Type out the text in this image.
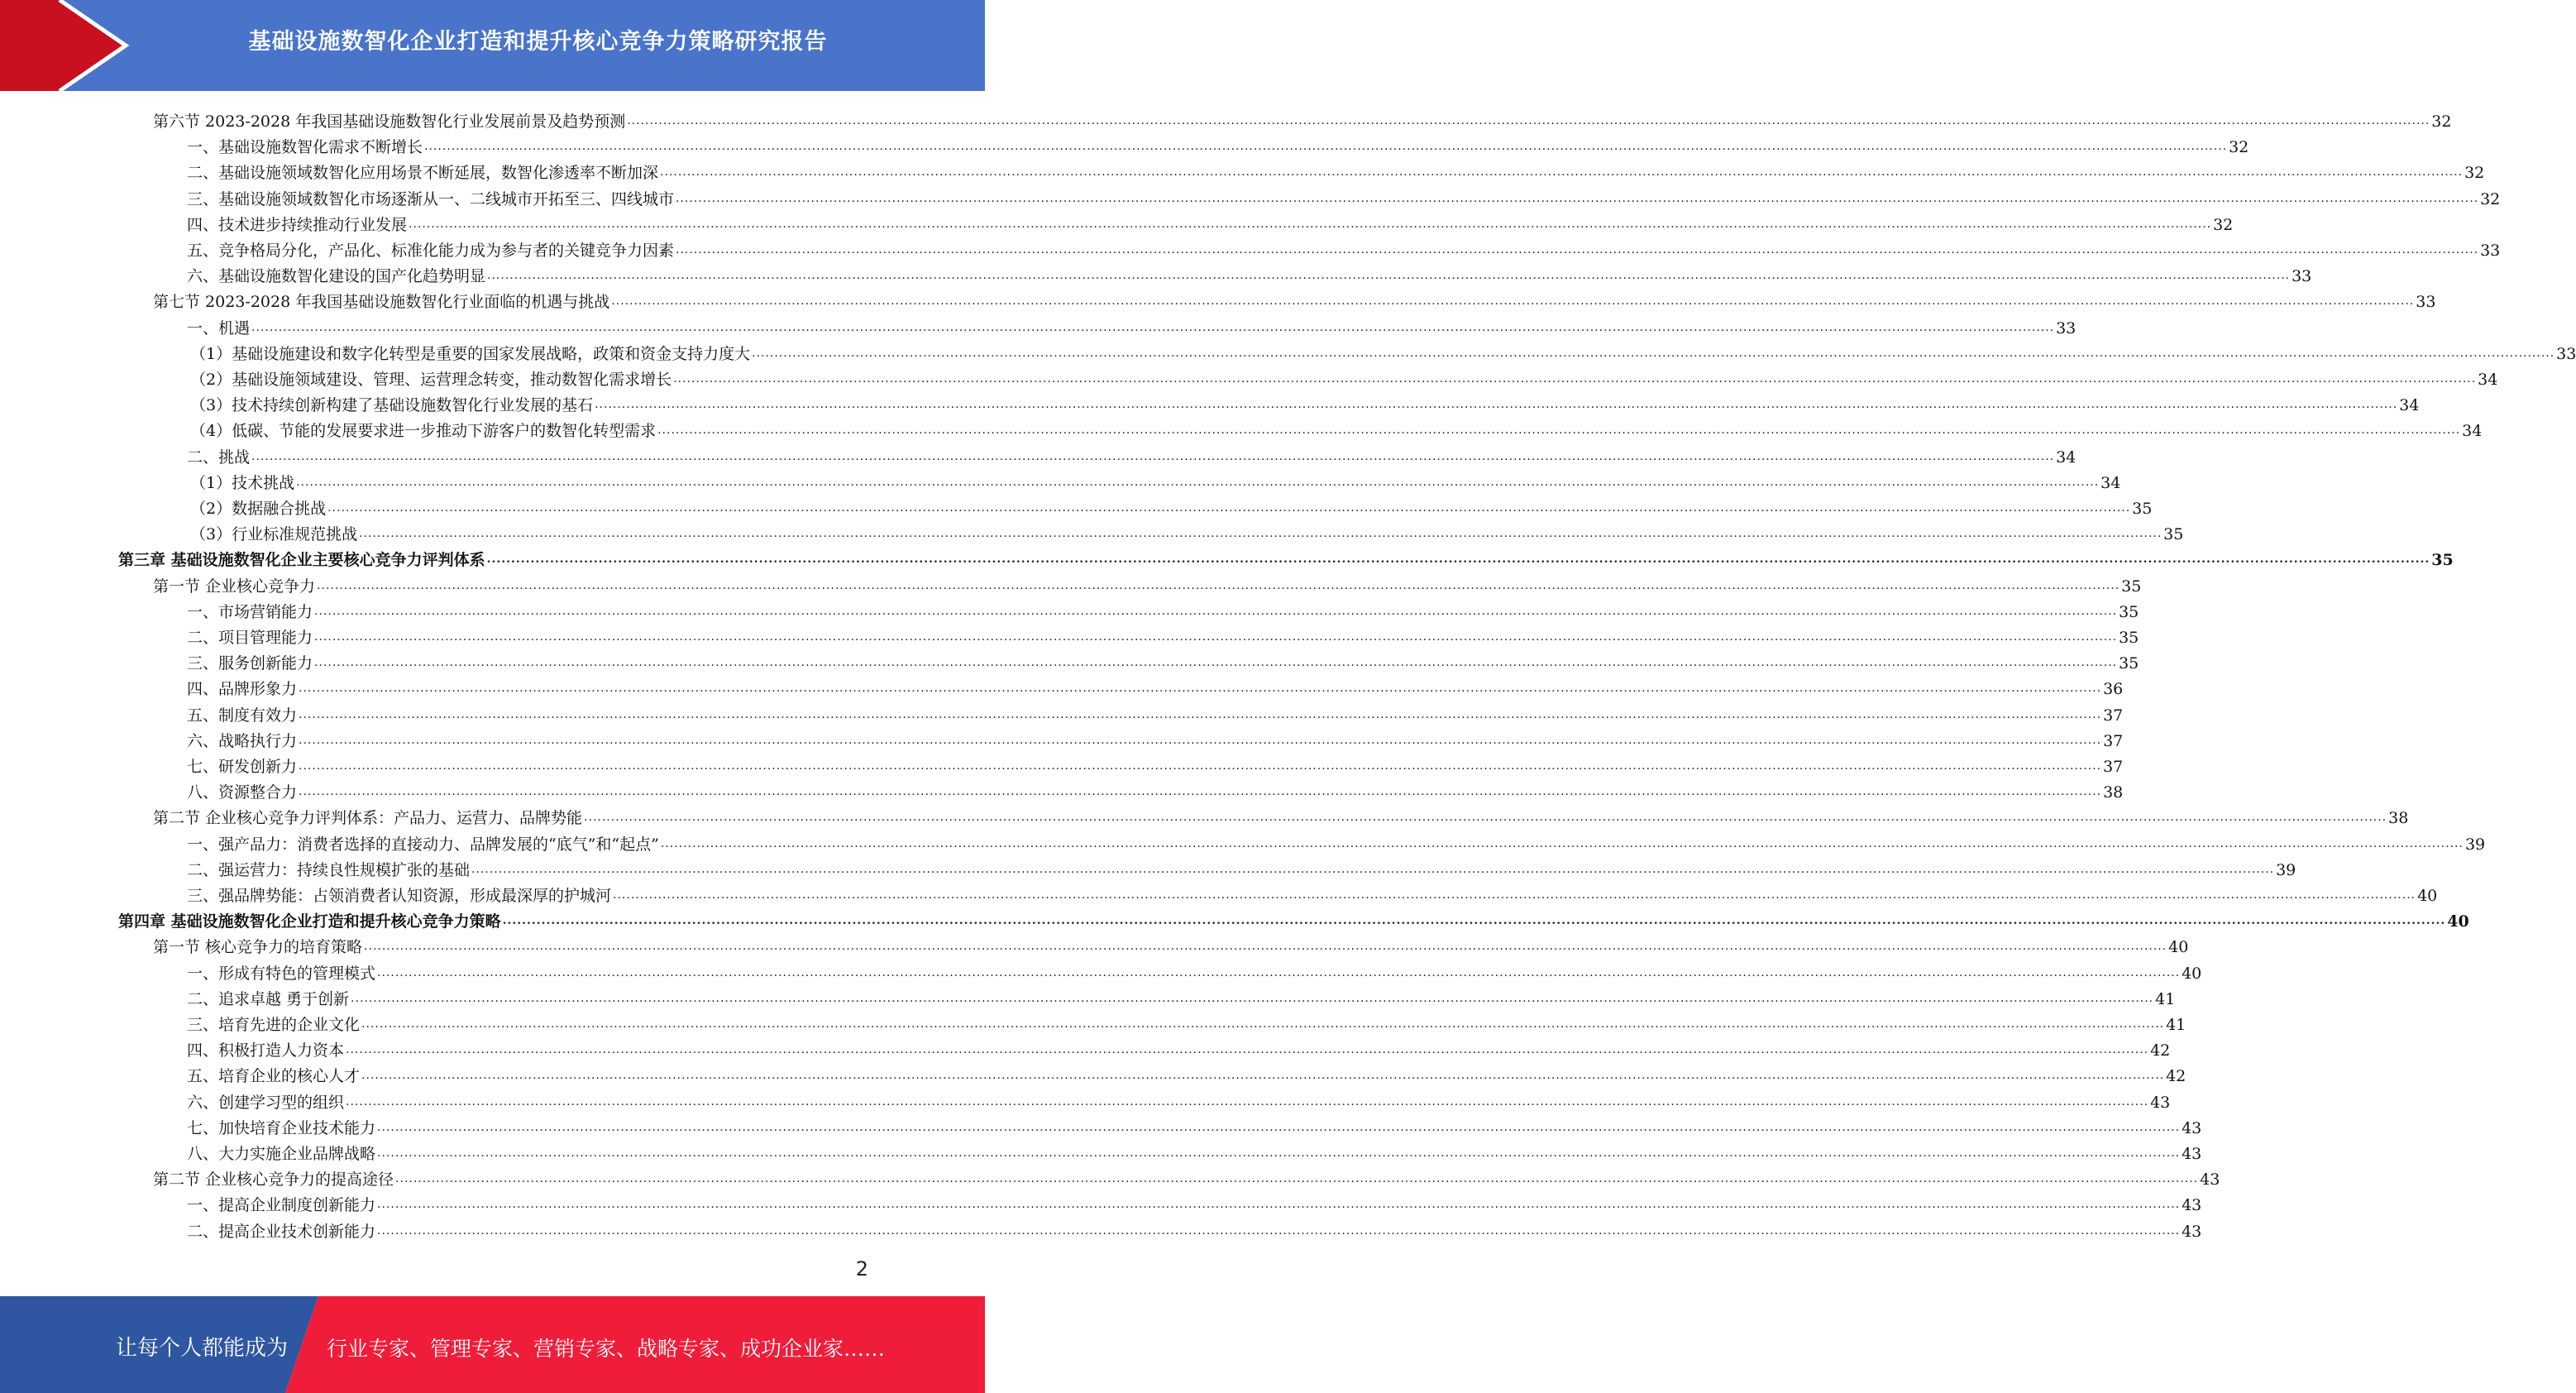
基础设施数智化企业打造和提升核心竞争力策略研究报告
第六节 2023-2028 年我国基础设施数智化行业发展前景及趋势预测 ................................................................................................................................................................................................................................................................................................................................................................................................................ 32
一、基础设施数智化需求不断增长 ................................................................................................................................................................................................................................................................................................................................................................................................................ 32
二、基础设施领域数智化应用场景不断延展，数智化渗透率不断加深 ................................................................................................................................................................................................................................................................................................................................................................................................................ 32
三、基础设施领域数智化市场逐渐从一、二线城市开拓至三、四线城市 ................................................................................................................................................................................................................................................................................................................................................................................................................ 32
四、技术进步持续推动行业发展 ................................................................................................................................................................................................................................................................................................................................................................................................................ 32
五、竞争格局分化，产品化、标准化能力成为参与者的关键竞争力因素 ................................................................................................................................................................................................................................................................................................................................................................................................................ 33
六、基础设施数智化建设的国产化趋势明显 ................................................................................................................................................................................................................................................................................................................................................................................................................ 33
第七节 2023-2028 年我国基础设施数智化行业面临的机遇与挑战 ................................................................................................................................................................................................................................................................................................................................................................................................................ 33
一、机遇 ................................................................................................................................................................................................................................................................................................................................................................................................................ 33
（1）基础设施建设和数字化转型是重要的国家发展战略，政策和资金支持力度大 ................................................................................................................................................................................................................................................................................................................................................................................................................ 33
（2）基础设施领域建设、管理、运营理念转变，推动数智化需求增长 ................................................................................................................................................................................................................................................................................................................................................................................................................ 34
（3）技术持续创新构建了基础设施数智化行业发展的基石 ................................................................................................................................................................................................................................................................................................................................................................................................................ 34
（4）低碳、节能的发展要求进一步推动下游客户的数智化转型需求 ................................................................................................................................................................................................................................................................................................................................................................................................................ 34
二、挑战 ................................................................................................................................................................................................................................................................................................................................................................................................................ 34
（1）技术挑战 ................................................................................................................................................................................................................................................................................................................................................................................................................ 34
（2）数据融合挑战 ................................................................................................................................................................................................................................................................................................................................................................................................................ 35
（3）行业标准规范挑战 ................................................................................................................................................................................................................................................................................................................................................................................................................ 35
第三章 基础设施数智化企业主要核心竞争力评判体系 ................................................................................................................................................................................................................................................................................................................................................................................................................ 35
第一节 企业核心竞争力 ................................................................................................................................................................................................................................................................................................................................................................................................................ 35
一、市场营销能力 ................................................................................................................................................................................................................................................................................................................................................................................................................ 35
二、项目管理能力 ................................................................................................................................................................................................................................................................................................................................................................................................................ 35
三、服务创新能力 ................................................................................................................................................................................................................................................................................................................................................................................................................ 35
四、品牌形象力 ................................................................................................................................................................................................................................................................................................................................................................................................................ 36
五、制度有效力 ................................................................................................................................................................................................................................................................................................................................................................................................................ 37
六、战略执行力 ................................................................................................................................................................................................................................................................................................................................................................................................................ 37
七、研发创新力 ................................................................................................................................................................................................................................................................................................................................................................................................................ 37
八、资源整合力 ................................................................................................................................................................................................................................................................................................................................................................................................................ 38
第二节 企业核心竞争力评判体系：产品力、运营力、品牌势能 ................................................................................................................................................................................................................................................................................................................................................................................................................ 38
一、强产品力：消费者选择的直接动力、品牌发展的“底气”和“起点” ................................................................................................................................................................................................................................................................................................................................................................................................................ 39
二、强运营力：持续良性规模扩张的基础 ................................................................................................................................................................................................................................................................................................................................................................................................................ 39
三、强品牌势能：占领消费者认知资源，形成最深厚的护城河 ................................................................................................................................................................................................................................................................................................................................................................................................................ 40
第四章 基础设施数智化企业打造和提升核心竞争力策略 ................................................................................................................................................................................................................................................................................................................................................................................................................ 40
第一节 核心竞争力的培育策略 ................................................................................................................................................................................................................................................................................................................................................................................................................ 40
一、形成有特色的管理模式 ................................................................................................................................................................................................................................................................................................................................................................................................................ 40
二、追求卓越 勇于创新 ................................................................................................................................................................................................................................................................................................................................................................................................................ 41
三、培育先进的企业文化 ................................................................................................................................................................................................................................................................................................................................................................................................................ 41
四、积极打造人力资本 ................................................................................................................................................................................................................................................................................................................................................................................................................ 42
五、培育企业的核心人才 ................................................................................................................................................................................................................................................................................................................................................................................................................ 42
六、创建学习型的组织 ................................................................................................................................................................................................................................................................................................................................................................................................................ 43
七、加快培育企业技术能力 ................................................................................................................................................................................................................................................................................................................................................................................................................ 43
八、大力实施企业品牌战略 ................................................................................................................................................................................................................................................................................................................................................................................................................ 43
第二节 企业核心竞争力的提高途径 ................................................................................................................................................................................................................................................................................................................................................................................................................ 43
一、提高企业制度创新能力 ................................................................................................................................................................................................................................................................................................................................................................................................................ 43
二、提高企业技术创新能力 ................................................................................................................................................................................................................................................................................................................................................................................................................ 43
2
让每个人都能成为 行业专家、管理专家、营销专家、战略专家、成功企业家……
